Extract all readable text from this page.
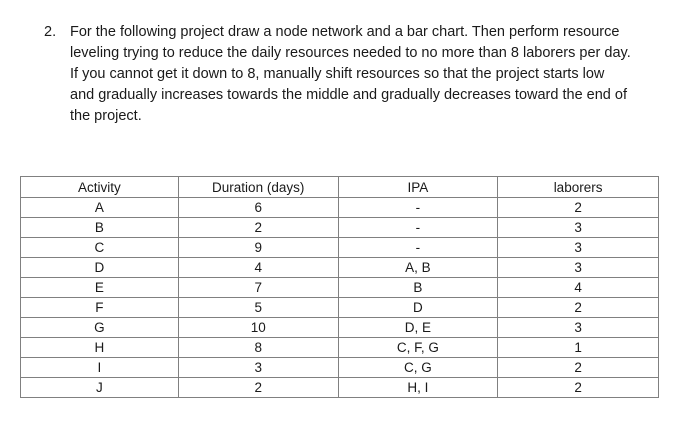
2. For the following project draw a node network and a bar chart. Then perform resource
leveling trying to reduce the daily resources needed to no more than 8 laborers per day.
If you cannot get it down to 8, manually shift resources so that the project starts low
and gradually increases towards the middle and gradually decreases toward the end of
the project.
Activity	Duration (days)	IPA	laborers
A	6	-	2
B	2	-	3
C	9	-	3
D	4	A, B	3
E	7	B	4
F	5	D	2
G	10	D, E	3
H	8	C, F, G	1
I	3	C, G	2
J	2	H, I	2
